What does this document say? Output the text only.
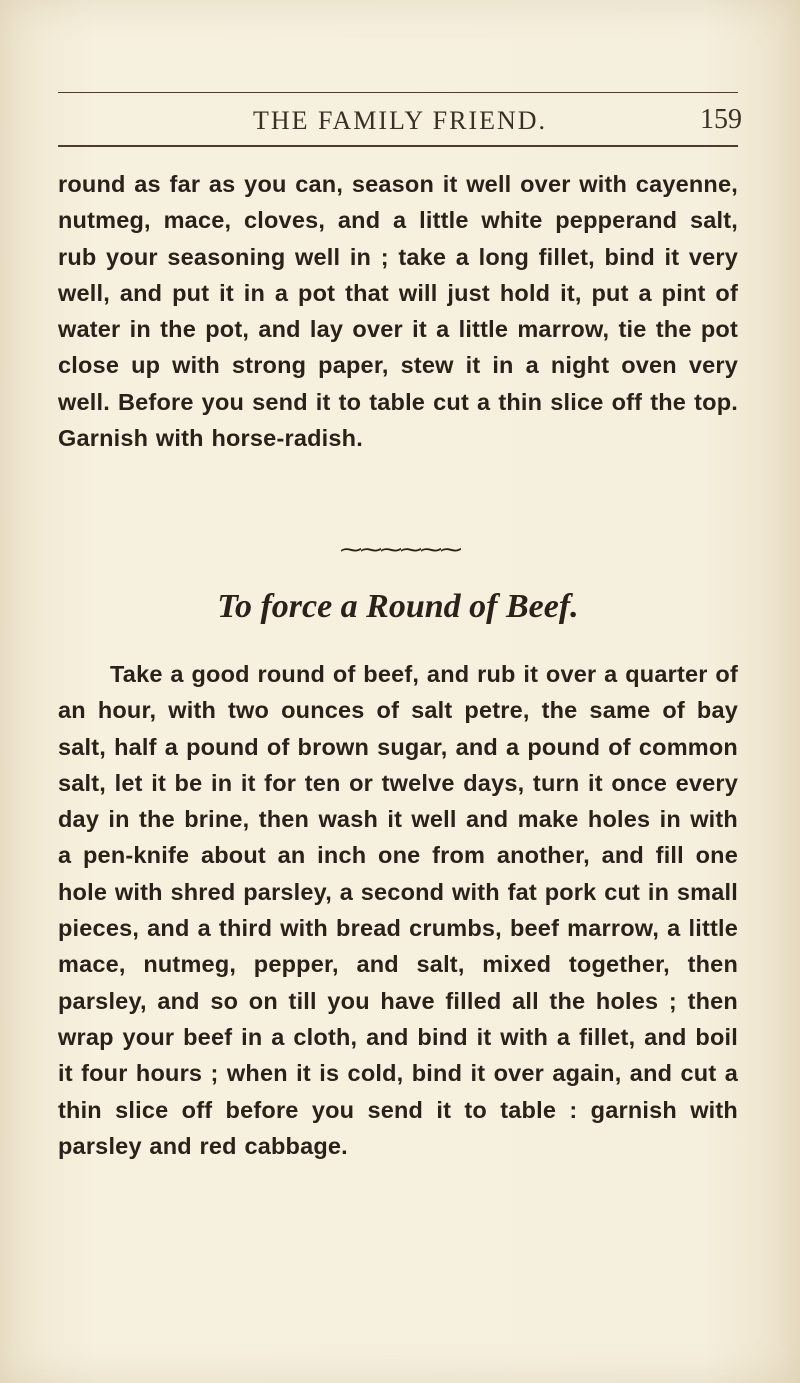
THE FAMILY FRIEND.	159
round as far as you can, season it well over with cayenne, nutmeg, mace, cloves, and a little white pepperand salt, rub your seasoning well in ; take a long fillet, bind it very well, and put it in a pot that will just hold it, put a pint of water in the pot, and lay over it a little marrow, tie the pot close up with strong paper, stew it in a night oven very well. Before you send it to table cut a thin slice off the top. Garnish with horse-radish.
⁓⁓⁓⁓⁓⁓
To force a Round of Beef.
Take a good round of beef, and rub it over a quarter of an hour, with two ounces of salt petre, the same of bay salt, half a pound of brown sugar, and a pound of common salt, let it be in it for ten or twelve days, turn it once every day in the brine, then wash it well and make holes in with a pen-knife about an inch one from another, and fill one hole with shred parsley, a second with fat pork cut in small pieces, and a third with bread crumbs, beef marrow, a little mace, nutmeg, pepper, and salt, mixed together, then parsley, and so on till you have filled all the holes ; then wrap your beef in a cloth, and bind it with a fillet, and boil it four hours ; when it is cold, bind it over again, and cut a thin slice off before you send it to table : garnish with parsley and red cabbage.
